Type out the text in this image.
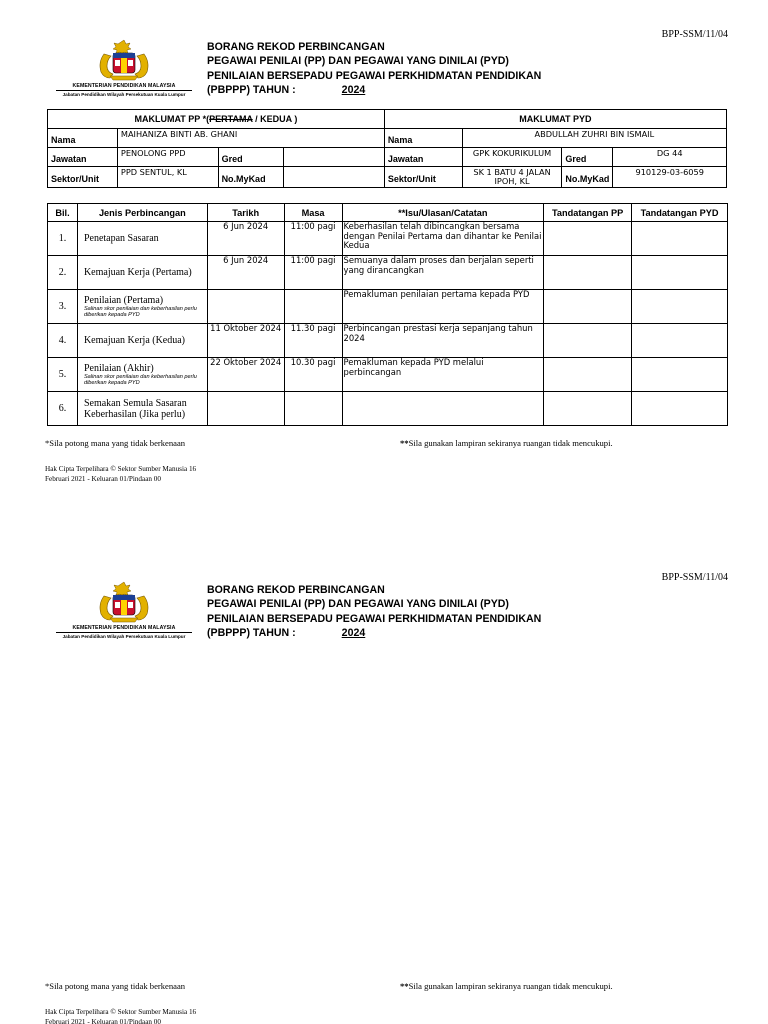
BPP-SSM/11/04
KEMENTERIAN PENDIDIKAN MALAYSIA
Jabatan Pendidikan Wilayah Persekutuan Kuala Lumpur
BORANG REKOD PERBINCANGAN
PEGAWAI PENILAI (PP) DAN PEGAWAI YANG DINILAI (PYD)
PENILAIAN BERSEPADU PEGAWAI PERKHIDMATAN PENDIDIKAN
(PBPPP) TAHUN :	2024
MAKLUMAT PP *(PERTAMA / KEDUA )				MAKLUMAT PYD			
Nama	MAIHANIZA BINTI AB. GHANI			Nama	ABDULLAH ZUHRI BIN ISMAIL		
Jawatan	PENOLONG PPD	Gred		Jawatan	GPK KOKURIKULUM	Gred	DG 44
Sektor/Unit	PPD SENTUL, KL	No.MyKad		Sektor/Unit	SK 1 BATU 4 JALAN IPOH, KL	No.MyKad	910129-03-6059
Bil.	Jenis Perbincangan	Tarikh	Masa	**Isu/Ulasan/Catatan	Tandatangan PP	Tandatangan PYD
1.	Penetapan Sasaran	6 Jun 2024	11:00 pagi	Keberhasilan telah dibincangkan bersama dengan Penilai Pertama dan dihantar ke Penilai Kedua		
2.	Kemajuan Kerja (Pertama)	6 Jun 2024	11:00 pagi	Semuanya dalam proses dan berjalan seperti yang dirancangkan		
3.	Penilaian (Pertama)
Salinan skor penilaian dan keberhasilan perlu diberikan kepada PYD			Pemakluman penilaian pertama kepada PYD		
4.	Kemajuan Kerja (Kedua)	11 Oktober 2024	11.30 pagi	Perbincangan prestasi kerja sepanjang tahun 2024		
5.	Penilaian (Akhir)
Salinan skor penilaian dan keberhasilan perlu diberikan kepada PYD	22 Oktober 2024	10.30 pagi	Pemakluman kepada PYD melalui perbincangan		
6.	Semakan Semula Sasaran Keberhasilan (Jika perlu)					
*Sila potong mana yang tidak berkenaan	**Sila gunakan lampiran sekiranya ruangan tidak mencukupi.
Hak Cipta Terpelihara © Sektor Sumber Manusia 16
Februari 2021 - Keluaran 01/Pindaan 00
BPP-SSM/11/04
KEMENTERIAN PENDIDIKAN MALAYSIA
Jabatan Pendidikan Wilayah Persekutuan Kuala Lumpur
BORANG REKOD PERBINCANGAN
PEGAWAI PENILAI (PP) DAN PEGAWAI YANG DINILAI (PYD)
PENILAIAN BERSEPADU PEGAWAI PERKHIDMATAN PENDIDIKAN
(PBPPP) TAHUN :	2024
*Sila potong mana yang tidak berkenaan	**Sila gunakan lampiran sekiranya ruangan tidak mencukupi.
Hak Cipta Terpelihara © Sektor Sumber Manusia 16
Februari 2021 - Keluaran 01/Pindaan 00
